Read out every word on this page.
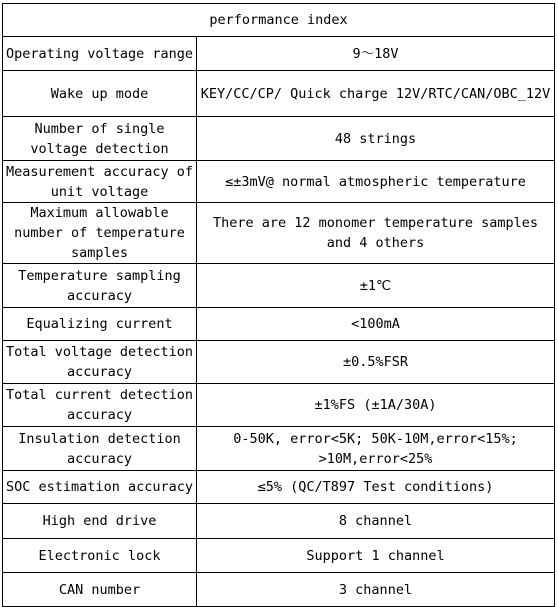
performance index	
Operating voltage range	9～18V
Wake up mode	KEY/CC/CP/ Quick charge 12V/RTC/CAN/OBC_12V
Number of single voltage detection	48 strings
Measurement accuracy of unit voltage	≤±3mV@ normal atmospheric temperature
Maximum allowable number of temperature samples	There are 12 monomer temperature samples and 4 others
Temperature sampling accuracy	±1℃
Equalizing current	<100mA
Total voltage detection accuracy	±0.5%FSR
Total current detection accuracy	±1%FS (±1A/30A)
Insulation detection accuracy	0-50K, error<5K; 50K-10M,error<15%; >10M,error<25%
SOC estimation accuracy	≤5% (QC/T897 Test conditions)
High end drive	8 channel
Electronic lock	Support 1 channel
CAN number	3 channel
